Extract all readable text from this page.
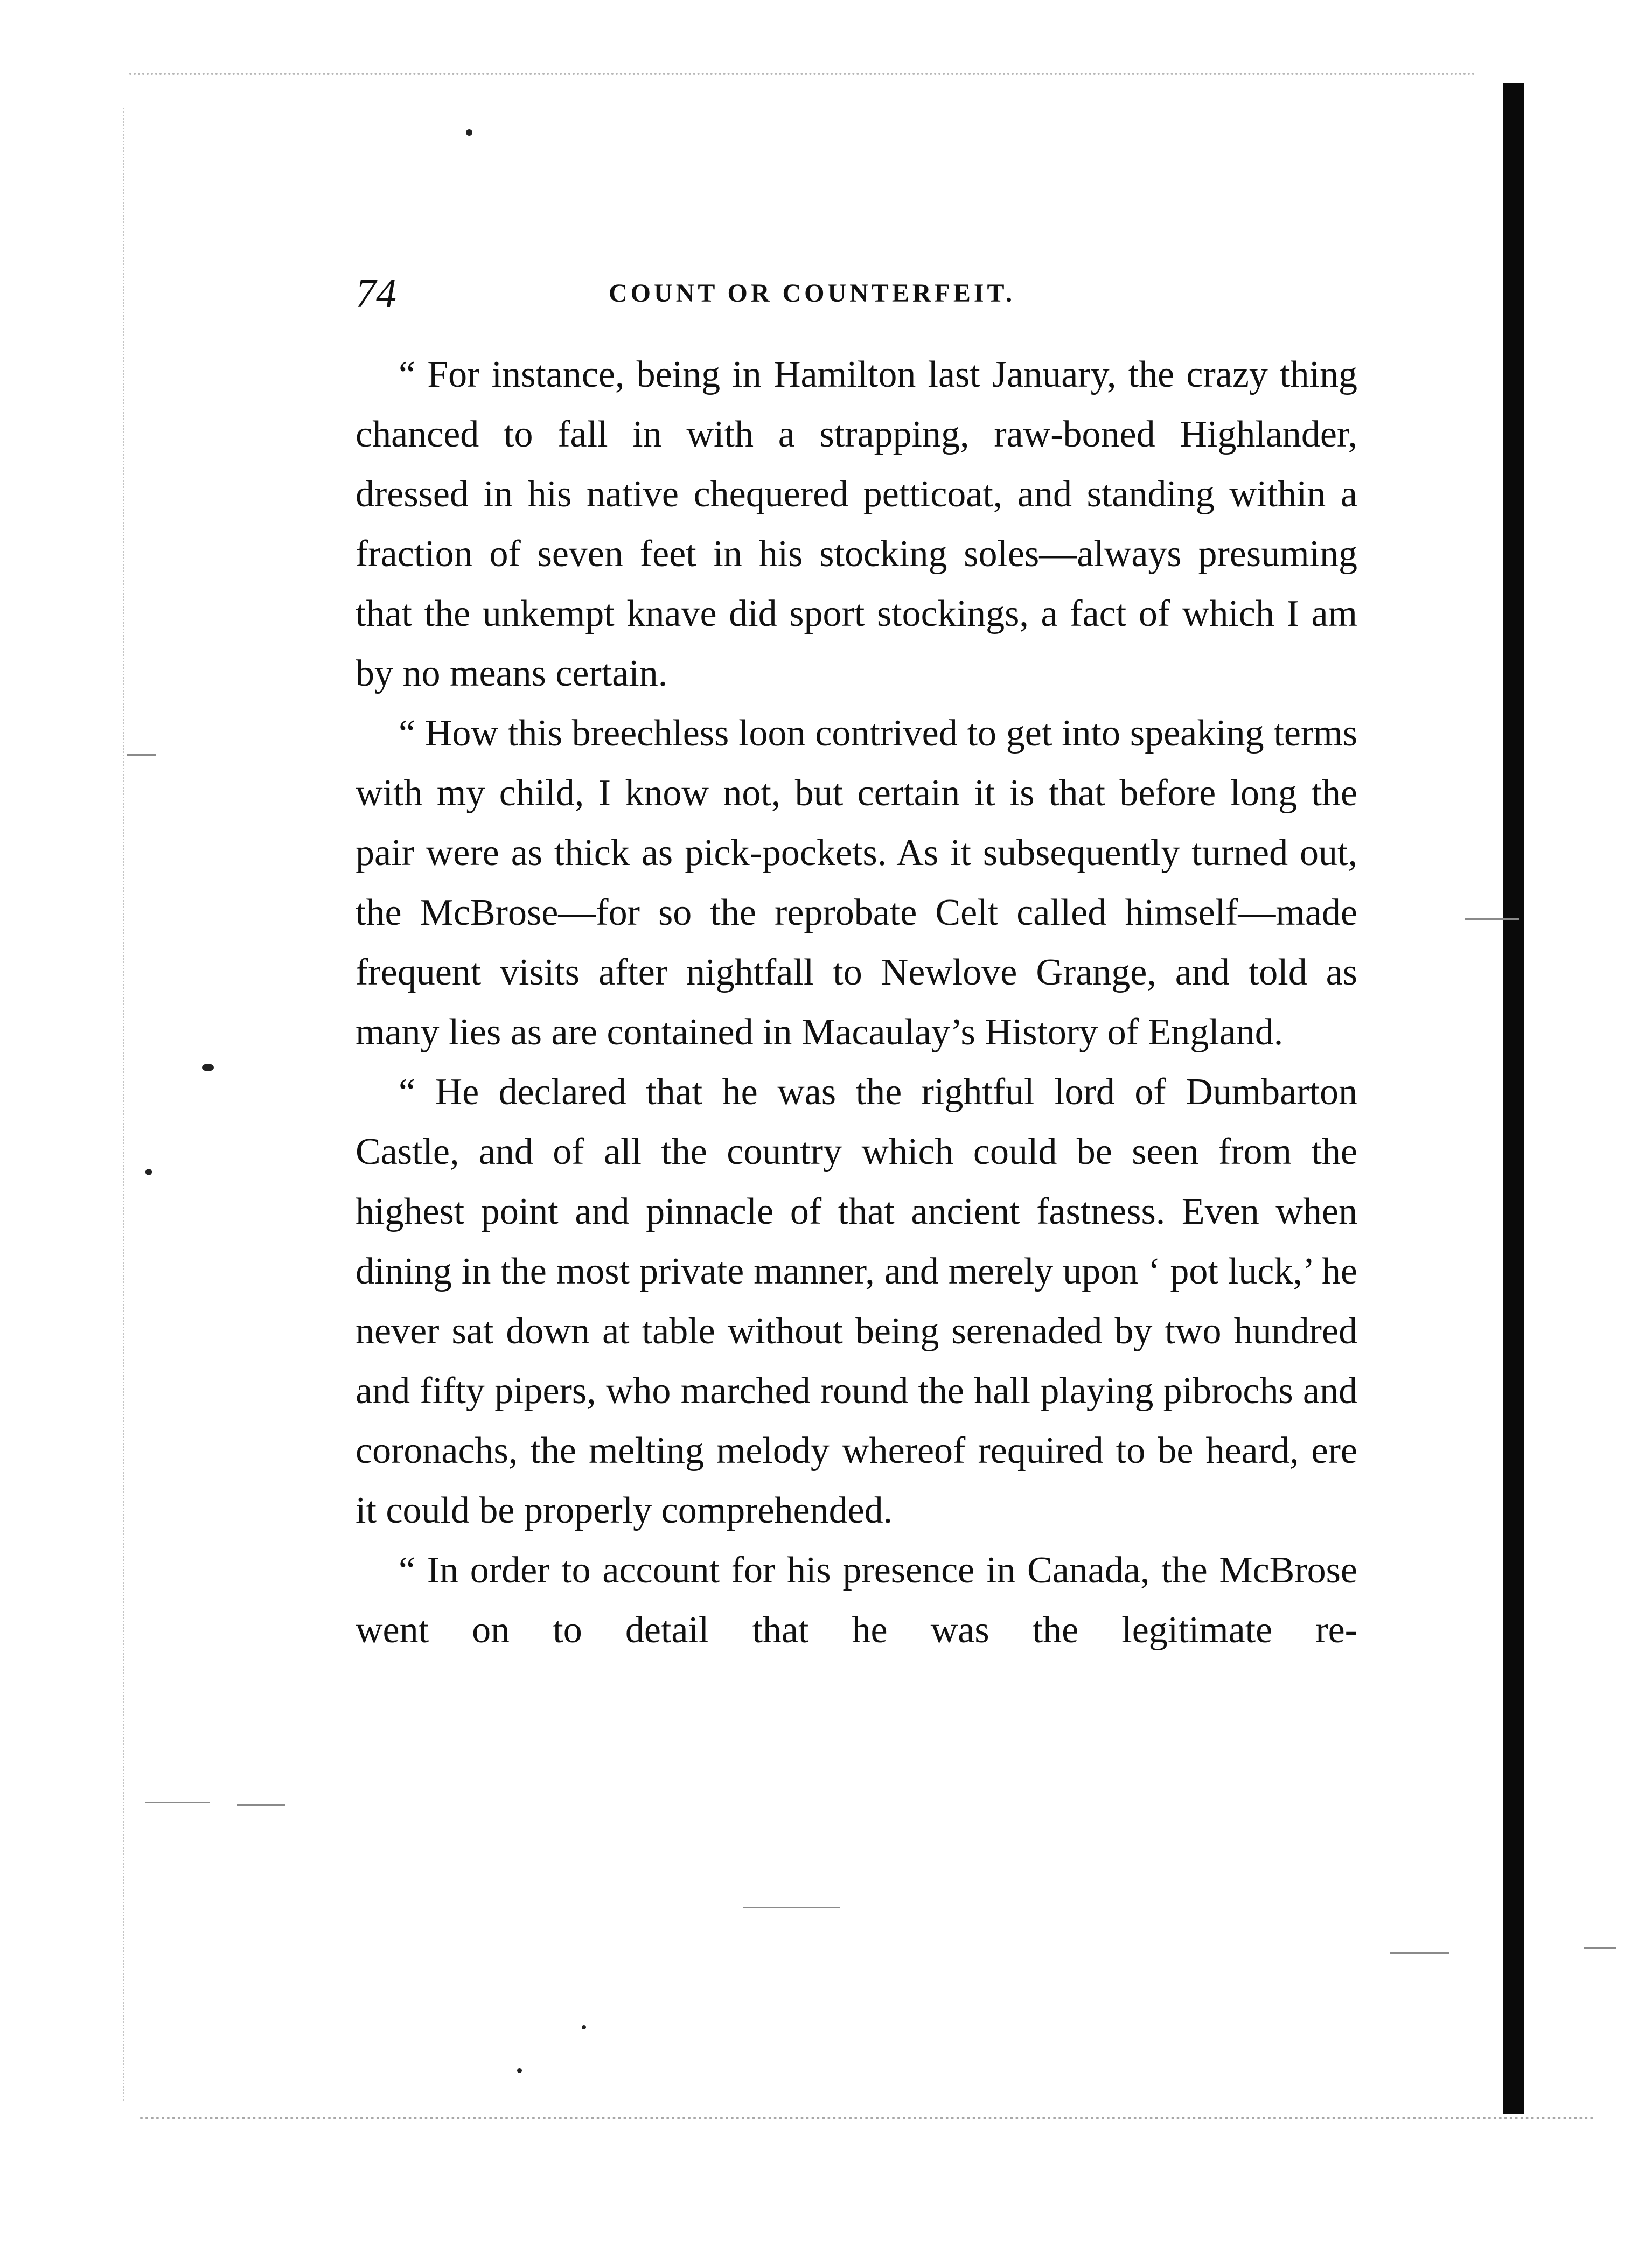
74	COUNT OR COUNTERFEIT.

“ For instance, being in Hamilton last January, the crazy thing chanced to fall in with a strapping, raw-boned Highlander, dressed in his native chequered petticoat, and standing within a fraction of seven feet in his stocking soles—always presuming that the unkempt knave did sport stockings, a fact of which I am by no means certain.

“ How this breechless loon contrived to get into speaking terms with my child, I know not, but certain it is that before long the pair were as thick as pick-pockets. As it subsequently turned out, the McBrose—for so the reprobate Celt called himself—made frequent visits after nightfall to Newlove Grange, and told as many lies as are contained in Macaulay’s History of England.

“ He declared that he was the rightful lord of Dumbarton Castle, and of all the country which could be seen from the highest point and pinnacle of that ancient fastness. Even when dining in the most private manner, and merely upon ‘ pot luck,’ he never sat down at table without being serenaded by two hundred and fifty pipers, who marched round the hall playing pibrochs and coronachs, the melting melody whereof required to be heard, ere it could be properly comprehended.

“ In order to account for his presence in Canada, the McBrose went on to detail that he was the legitimate re-
